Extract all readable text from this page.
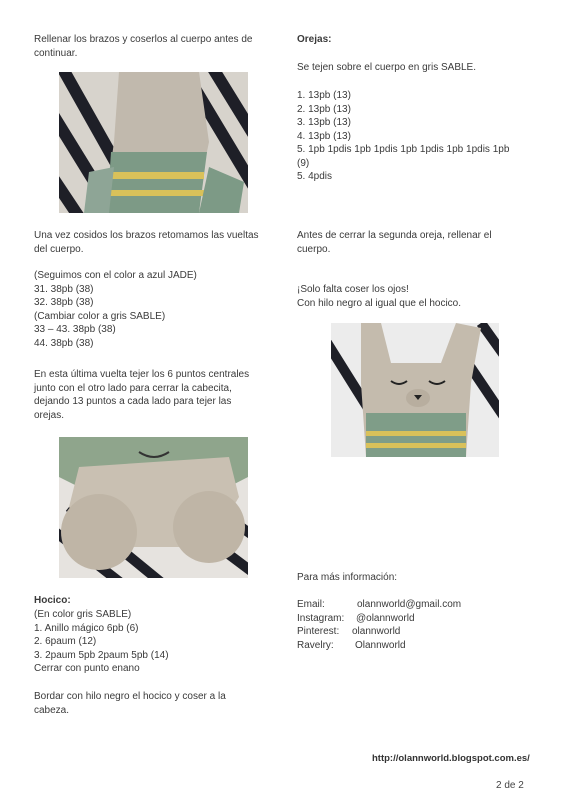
Rellenar los brazos y coserlos al cuerpo antes de
continuar.
Una vez cosidos los brazos retomamos las vueltas
del cuerpo.
(Seguimos con el color a azul JADE)
31. 38pb (38)
32. 38pb (38)
(Cambiar color a gris SABLE)
33 – 43. 38pb (38)
44. 38pb (38)
En esta última vuelta tejer los 6 puntos centrales
junto con el otro lado para cerrar la cabecita,
dejando 13 puntos a cada lado para tejer las
orejas.
Hocico:
(En color gris SABLE)
1. Anillo mágico 6pb (6)
2. 6paum (12)
3. 2paum 5pb 2paum 5pb (14)
Cerrar con punto enano
Bordar con hilo negro el hocico y coser a la
cabeza.
Orejas:
Se tejen sobre el cuerpo en gris SABLE.
1. 13pb (13)
2. 13pb (13)
3. 13pb (13)
4. 13pb (13)
5. 1pb 1pdis 1pb 1pdis 1pb 1pdis 1pb 1pdis 1pb
(9)
5. 4pdis
Antes de cerrar la segunda oreja, rellenar el
cuerpo.
¡Solo falta coser los ojos!
Con hilo negro al igual que el hocico.
Para más información:
Email:	olannworld@gmail.com
Instagram:	@olannworld
Pinterest:	olannworld
Ravelry:	Olannworld
http://olannworld.blogspot.com.es/
2 de 2
